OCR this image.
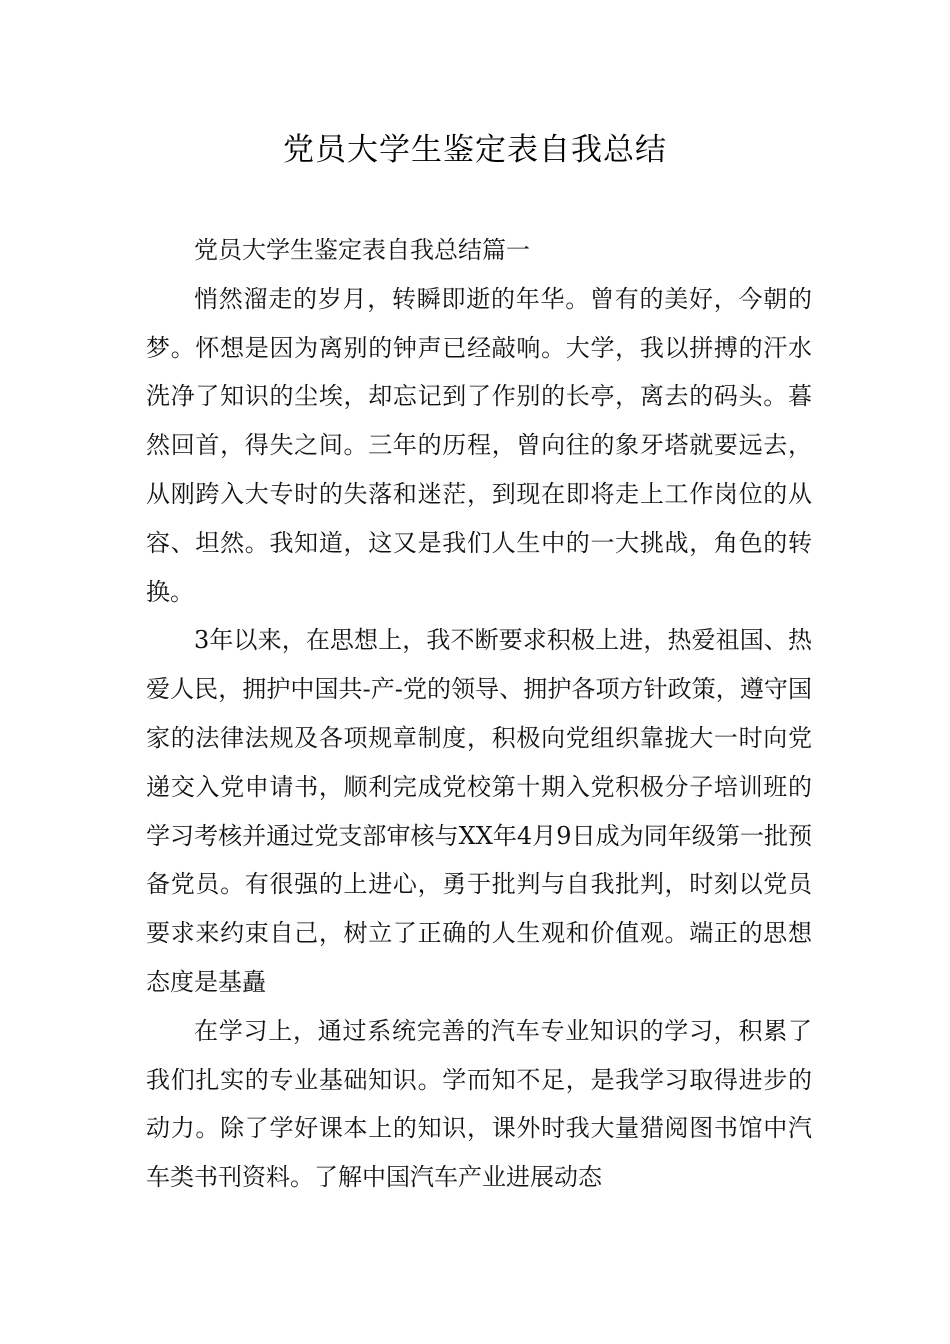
党员大学生鉴定表自我总结

党员大学生鉴定表自我总结篇一

悄然溜走的岁月，转瞬即逝的年华。曾有的美好，今朝的梦。怀想是因为离别的钟声已经敲响。大学，我以拼搏的汗水洗净了知识的尘埃，却忘记到了作别的长亭，离去的码头。暮然回首，得失之间。三年的历程，曾向往的象牙塔就要远去，从刚跨入大专时的失落和迷茫，到现在即将走上工作岗位的从容、坦然。我知道，这又是我们人生中的一大挑战，角色的转换。

3年以来，在思想上，我不断要求积极上进，热爱祖国、热爱人民，拥护中国共-产-党的领导、拥护各项方针政策，遵守国家的法律法规及各项规章制度，积极向党组织靠拢大一时向党递交入党申请书，顺利完成党校第十期入党积极分子培训班的学习考核并通过党支部审核与XX年4月9日成为同年级第一批预备党员。有很强的上进心，勇于批判与自我批判，时刻以党员要求来约束自己，树立了正确的人生观和价值观。端正的思想态度是基矗

在学习上，通过系统完善的汽车专业知识的学习，积累了我们扎实的专业基础知识。学而知不足，是我学习取得进步的动力。除了学好课本上的知识，课外时我大量猎阅图书馆中汽车类书刊资料。了解中国汽车产业进展动态
